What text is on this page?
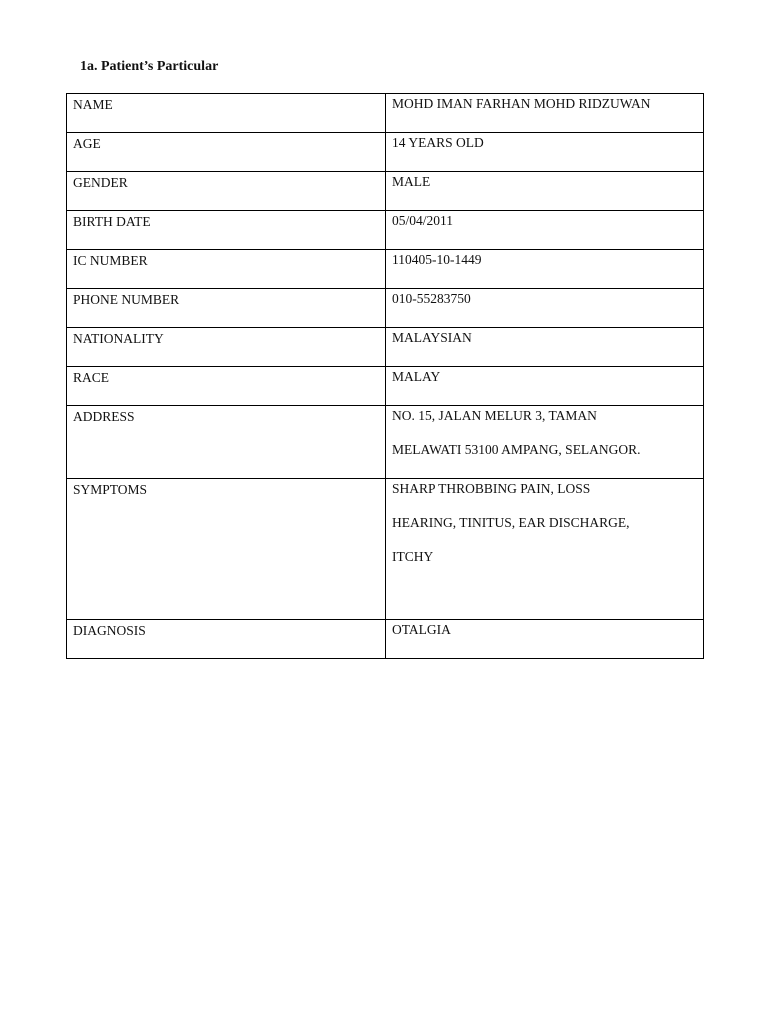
1a. Patient’s Particular

NAME	MOHD IMAN FARHAN MOHD RIDZUWAN

AGE	14 YEARS OLD

GENDER	MALE

BIRTH DATE	05/04/2011

IC NUMBER	110405-10-1449

PHONE NUMBER	010-55283750

NATIONALITY	MALAYSIAN

RACE	MALAY

ADDRESS	NO. 15, JALAN MELUR 3, TAMAN
MELAWATI 53100 AMPANG, SELANGOR.

SYMPTOMS	SHARP THROBBING PAIN, LOSS
HEARING, TINITUS, EAR DISCHARGE,
ITCHY

DIAGNOSIS	OTALGIA
